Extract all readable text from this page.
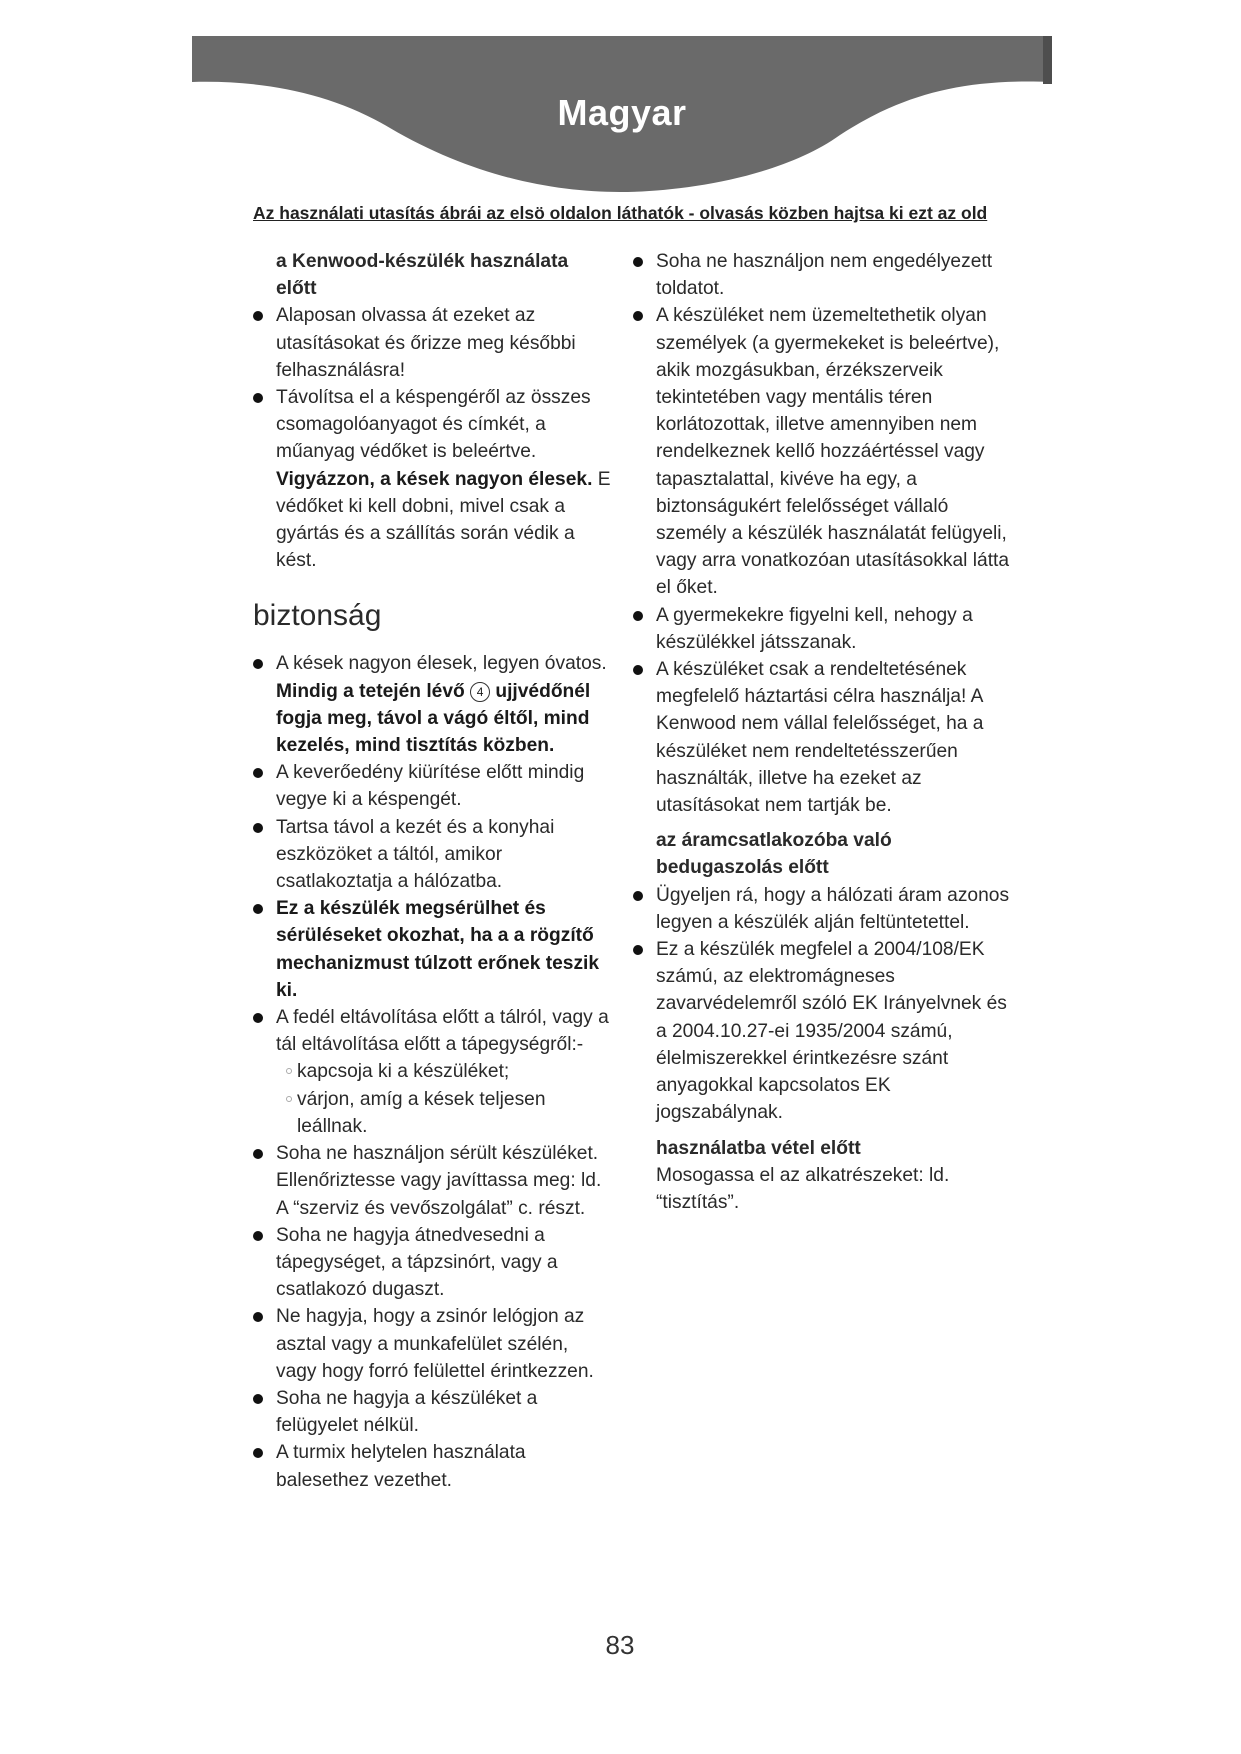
Magyar
Az használati utasítás ábrái az elsö oldalon láthatók - olvasás közben hajtsa ki ezt az old
a Kenwood-készülék használata előtt
Alaposan olvassa át ezeket az utasításokat és őrizze meg későbbi felhasználásra!
Távolítsa el a késpengéről az összes csomagolóanyagot és címkét, a műanyag védőket is beleértve. Vigyázzon, a kések nagyon élesek. E védőket ki kell dobni, mivel csak a gyártás és a szállítás során védik a kést.
biztonság
A kések nagyon élesek, legyen óvatos. Mindig a tetején lévő 4 ujjvédőnél fogja meg, távol a vágó éltől, mind kezelés, mind tisztítás közben.
A keverőedény kiürítése előtt mindig vegye ki a késpengét.
Tartsa távol a kezét és a konyhai eszközöket a táltól, amikor csatlakoztatja a hálózatba.
Ez a készülék megsérülhet és sérüléseket okozhat, ha a a rögzítő mechanizmust túlzott erőnek teszik ki.
A fedél eltávolítása előtt a tálról, vagy a tál eltávolítása előtt a tápegységről:-
kapcsoja ki a készüléket;
várjon, amíg a kések teljesen
leállnak.
Soha ne használjon sérült készüléket. Ellenőriztesse vagy javíttassa meg: ld. A “szerviz és vevőszolgálat” c. részt.
Soha ne hagyja átnedvesedni a tápegységet, a tápzsinórt, vagy a csatlakozó dugaszt.
Ne hagyja, hogy a zsinór lelógjon az asztal vagy a munkafelület szélén, vagy hogy forró felülettel érintkezzen.
Soha ne hagyja a készüléket a felügyelet nélkül.
A turmix helytelen használata balesethez vezethet.
Soha ne használjon nem engedélyezett toldatot.
A készüléket nem üzemeltethetik olyan személyek (a gyermekeket is beleértve), akik mozgásukban, érzékszerveik tekintetében vagy mentális téren korlátozottak, illetve amennyiben nem rendelkeznek kellő hozzáértéssel vagy tapasztalattal, kivéve ha egy, a biztonságukért felelősséget vállaló személy a készülék használatát felügyeli, vagy arra vonatkozóan utasításokkal látta el őket.
A gyermekekre figyelni kell, nehogy a készülékkel játsszanak.
A készüléket csak a rendeltetésének megfelelő háztartási célra használja! A Kenwood nem vállal felelősséget, ha a készüléket nem rendeltetésszerűen használták, illetve ha ezeket az utasításokat nem tartják be.
az áramcsatlakozóba való bedugaszolás előtt
Ügyeljen rá, hogy a hálózati áram azonos legyen a készülék alján feltüntetettel.
Ez a készülék megfelel a 2004/108/EK számú, az elektromágneses zavarvédelemről szóló EK Irányelvnek és a 2004.10.27-ei 1935/2004 számú, élelmiszerekkel érintkezésre szánt anyagokkal kapcsolatos EK jogszabálynak.
használatba vétel előtt
Mosogassa el az alkatrészeket: ld. “tisztítás”.
83
